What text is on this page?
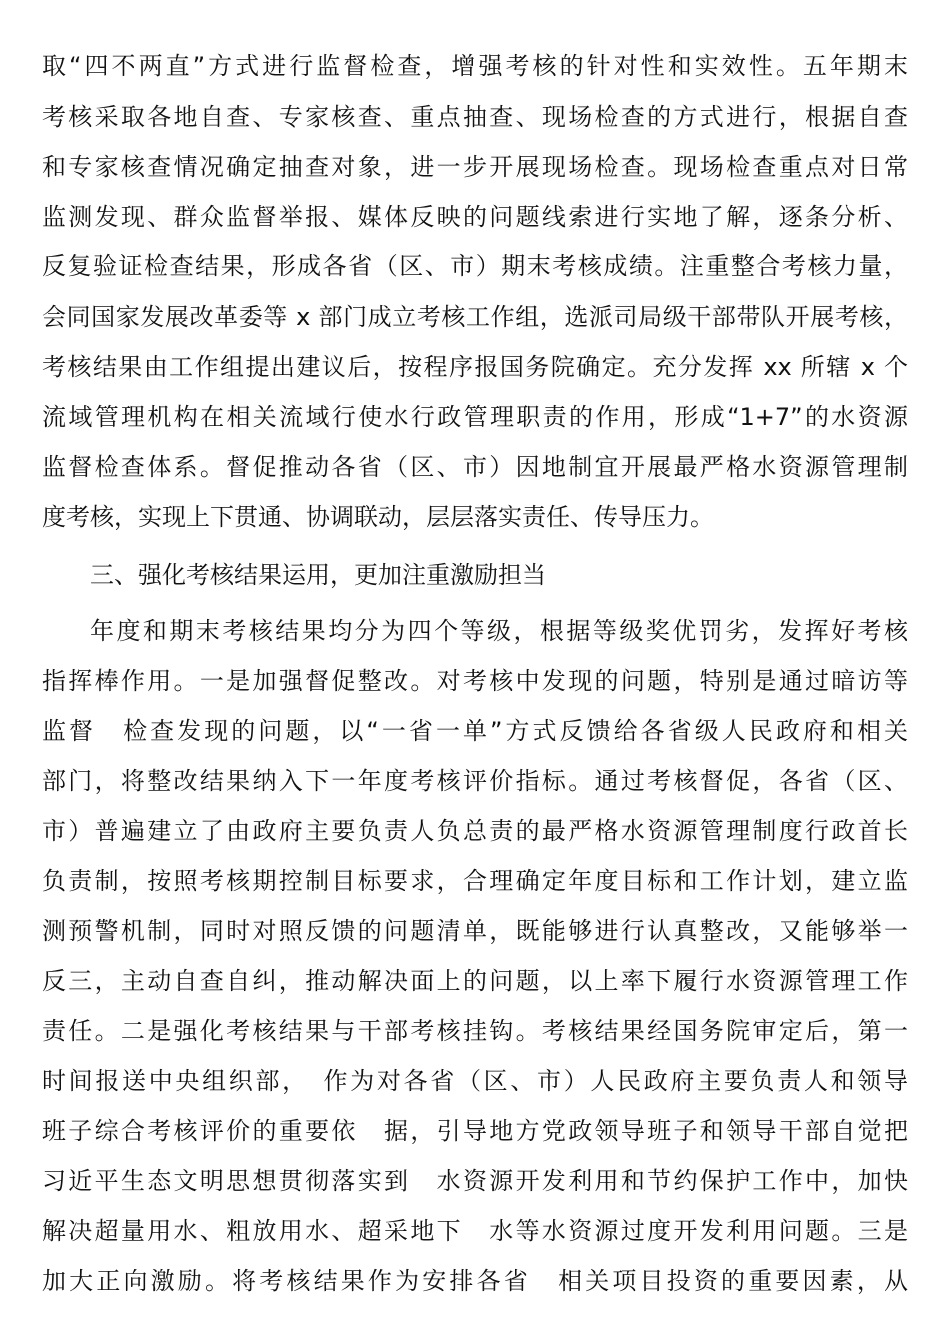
取“四不两直”方式进行监督检查，增强考核的针对性和实效性。五年期末
考核采取各地自查、专家核查、重点抽查、现场检查的方式进行，根据自查
和专家核查情况确定抽查对象，进一步开展现场检查。现场检查重点对日常
监测发现、群众监督举报、媒体反映的问题线索进行实地了解，逐条分析、
反复验证检查结果，形成各省（区、市）期末考核成绩。注重整合考核力量，
会同国家发展改革委等 x 部门成立考核工作组，选派司局级干部带队开展考核，
考核结果由工作组提出建议后，按程序报国务院确定。充分发挥 xx 所辖 x 个
流域管理机构在相关流域行使水行政管理职责的作用，形成“1+7”的水资源
监督检查体系。督促推动各省（区、市）因地制宜开展最严格水资源管理制
度考核，实现上下贯通、协调联动，层层落实责任、传导压力。
三、强化考核结果运用，更加注重激励担当
年度和期末考核结果均分为四个等级，根据等级奖优罚劣，发挥好考核
指挥棒作用。一是加强督促整改。对考核中发现的问题，特别是通过暗访等
监督　检查发现的问题，以“一省一单”方式反馈给各省级人民政府和相关
部门，将整改结果纳入下一年度考核评价指标。通过考核督促，各省（区、
市）普遍建立了由政府主要负责人负总责的最严格水资源管理制度行政首长
负责制，按照考核期控制目标要求，合理确定年度目标和工作计划，建立监
测预警机制，同时对照反馈的问题清单，既能够进行认真整改，又能够举一
反三，主动自查自纠，推动解决面上的问题，以上率下履行水资源管理工作
责任。二是强化考核结果与干部考核挂钩。考核结果经国务院审定后，第一
时间报送中央组织部，　作为对各省（区、市）人民政府主要负责人和领导
班子综合考核评价的重要依　据，引导地方党政领导班子和领导干部自觉把
习近平生态文明思想贯彻落实到　水资源开发利用和节约保护工作中，加快
解决超量用水、粗放用水、超采地下　水等水资源过度开发利用问题。三是
加大正向激励。将考核结果作为安排各省　相关项目投资的重要因素，从
